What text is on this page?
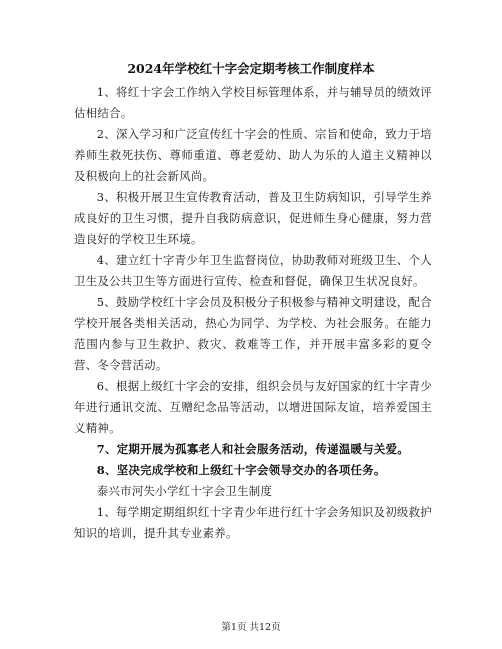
2024年学校红十字会定期考核工作制度样本

1、将红十字会工作纳入学校目标管理体系，并与辅导员的绩效评估相结合。

2、深入学习和广泛宣传红十字会的性质、宗旨和使命，致力于培养师生救死扶伤、尊师重道、尊老爱幼、助人为乐的人道主义精神以及积极向上的社会新风尚。

3、积极开展卫生宣传教育活动，普及卫生防病知识，引导学生养成良好的卫生习惯，提升自我防病意识，促进师生身心健康，努力营造良好的学校卫生环境。

4、建立红十字青少年卫生监督岗位，协助教师对班级卫生、个人卫生及公共卫生等方面进行宣传、检查和督促，确保卫生状况良好。

5、鼓励学校红十字会员及积极分子积极参与精神文明建设，配合学校开展各类相关活动，热心为同学、为学校、为社会服务。在能力范围内参与卫生救护、救灾、救难等工作，并开展丰富多彩的夏令营、冬令营活动。

6、根据上级红十字会的安排，组织会员与友好国家的红十字青少年进行通讯交流、互赠纪念品等活动，以增进国际友谊，培养爱国主义精神。

7、定期开展为孤寡老人和社会服务活动，传递温暖与关爱。

8、坚决完成学校和上级红十字会领导交办的各项任务。

泰兴市河失小学红十字会卫生制度

1、每学期定期组织红十字青少年进行红十字会务知识及初级救护知识的培训，提升其专业素养。

第1页 共12页
